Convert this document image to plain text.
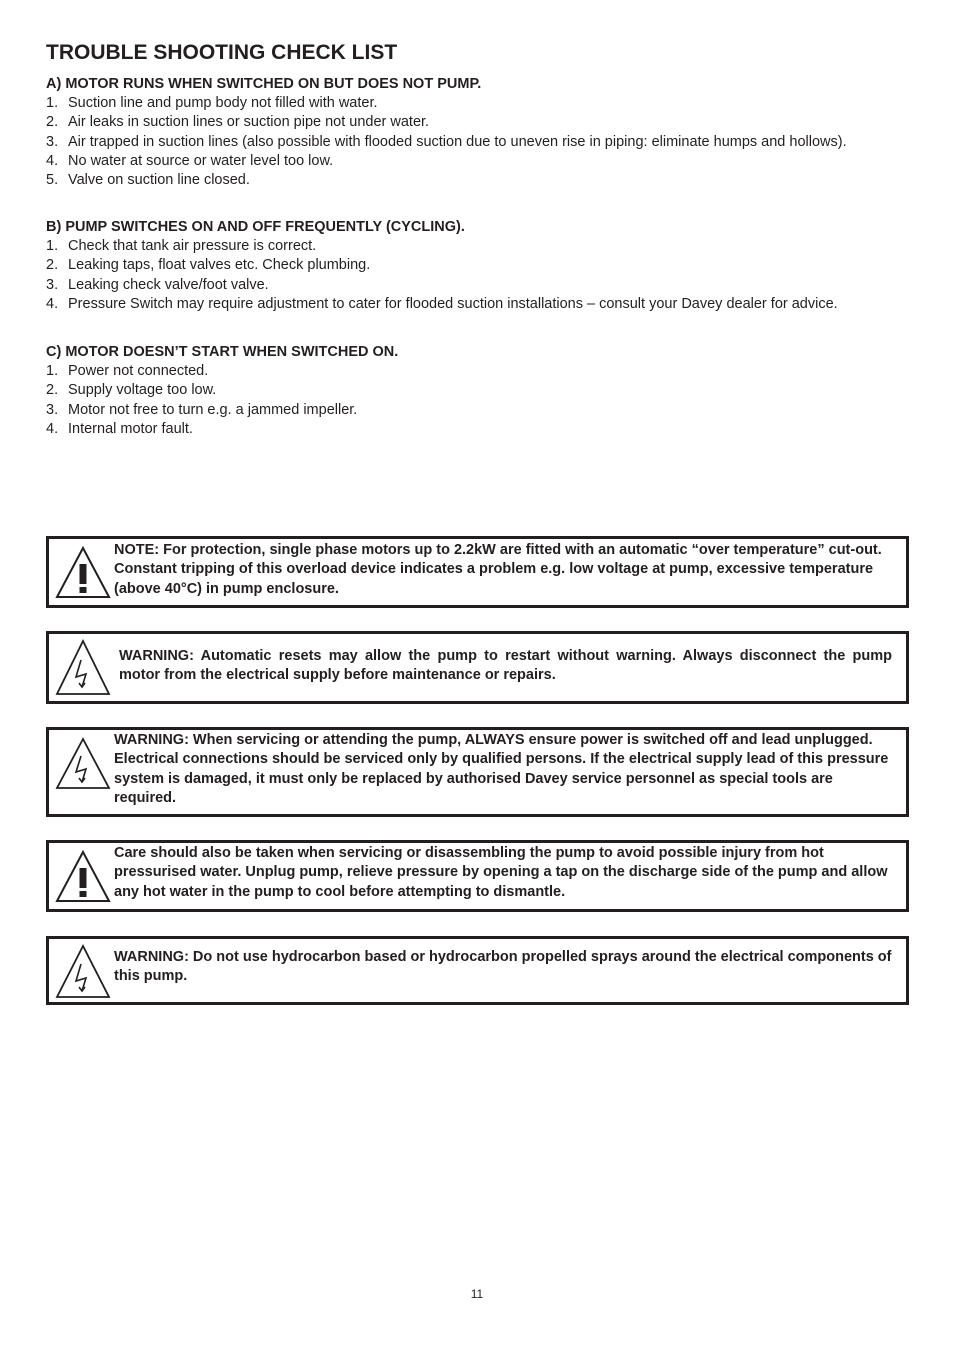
TROUBLE SHOOTING CHECK LIST

A) MOTOR RUNS WHEN SWITCHED ON BUT DOES NOT PUMP.

1. Suction line and pump body not filled with water.
2. Air leaks in suction lines or suction pipe not under water.
3. Air trapped in suction lines (also possible with flooded suction due to uneven rise in piping: eliminate humps and hollows).
4. No water at source or water level too low.
5. Valve on suction line closed.

B) PUMP SWITCHES ON AND OFF FREQUENTLY (CYCLING).

1. Check that tank air pressure is correct.
2. Leaking taps, float valves etc. Check plumbing.
3. Leaking check valve/foot valve.
4. Pressure Switch may require adjustment to cater for flooded suction installations – consult your Davey dealer for advice.

C) MOTOR DOESN’T START WHEN SWITCHED ON.

1. Power not connected.
2. Supply voltage too low.
3. Motor not free to turn e.g. a jammed impeller.
4. Internal motor fault.

NOTE: For protection, single phase motors up to 2.2kW are fitted with an automatic “over temperature” cut-out. Constant tripping of this overload device indicates a problem e.g. low voltage at pump, excessive temperature (above 40°C) in pump enclosure.

WARNING: Automatic resets may allow the pump to restart without warning. Always disconnect the pump motor from the electrical supply before maintenance or repairs.

WARNING: When servicing or attending the pump, ALWAYS ensure power is switched off and lead unplugged. Electrical connections should be serviced only by qualified persons. If the electrical supply lead of this pressure system is damaged, it must only be replaced by authorised Davey service personnel as special tools are required.

Care should also be taken when servicing or disassembling the pump to avoid possible injury from hot pressurised water. Unplug pump, relieve pressure by opening a tap on the discharge side of the pump and allow any hot water in the pump to cool before attempting to dismantle.

WARNING: Do not use hydrocarbon based or hydrocarbon propelled sprays around the electrical components of this pump.

11
